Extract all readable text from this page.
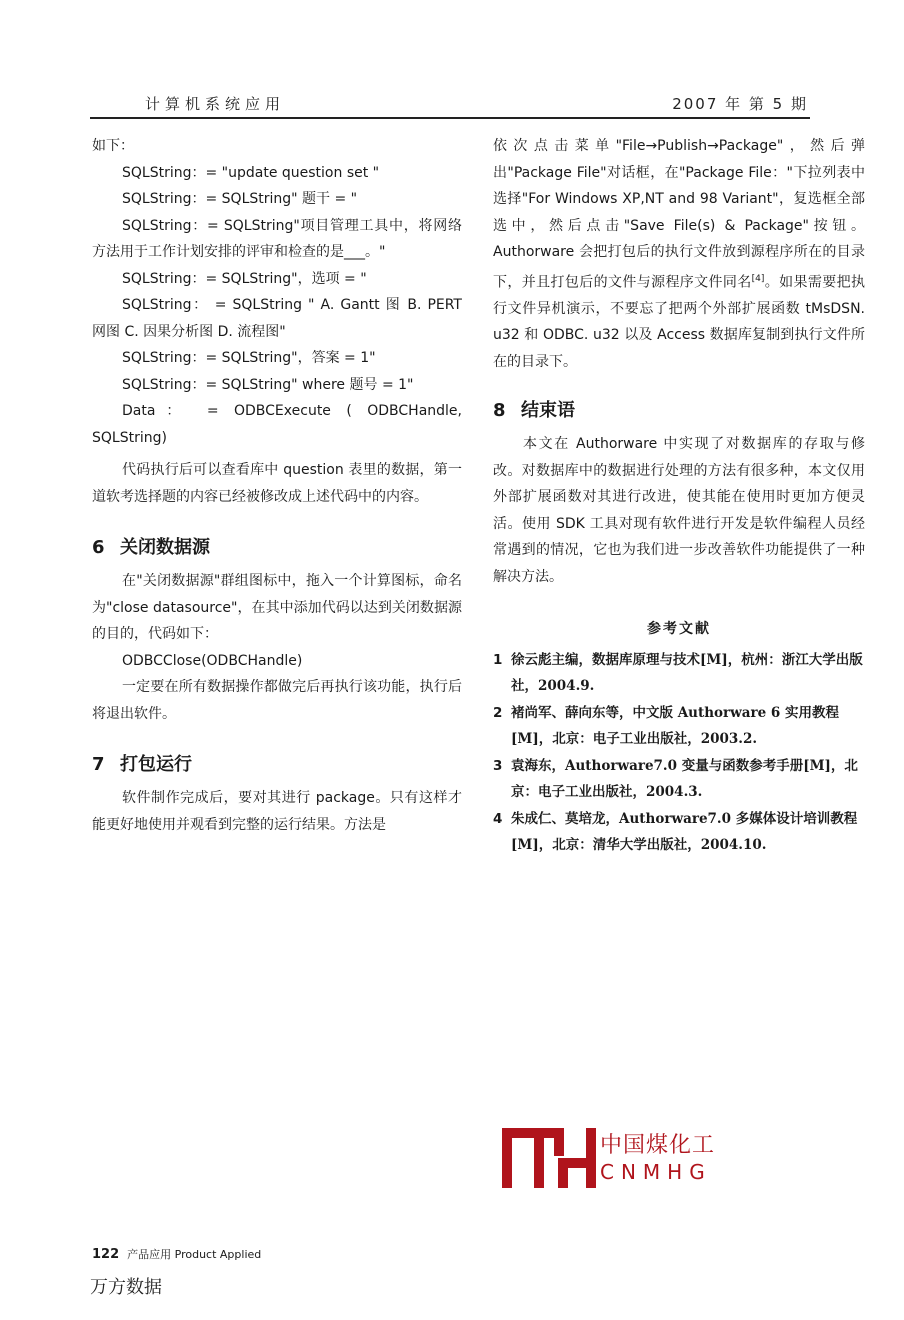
计算机系统应用	2007 年 第 5 期

如下：

SQLString：= "update question set "

SQLString：= SQLString" 题干 = "

SQLString：= SQLString"项目管理工具中，将网络方法用于工作计划安排的评审和检查的是___。"

SQLString：= SQLString"，选项 = "

SQLString： = SQLString " A. Gantt 图 B. PERT 网图 C. 因果分析图 D. 流程图"

SQLString：= SQLString"，答案 = 1"

SQLString：= SQLString" where 题号 = 1"

Data： = ODBCExecute ( ODBCHandle, SQLString)

代码执行后可以查看库中 question 表里的数据，第一道软考选择题的内容已经被修改成上述代码中的内容。

6 关闭数据源

在"关闭数据源"群组图标中，拖入一个计算图标，命名为"close datasource"，在其中添加代码以达到关闭数据源的目的，代码如下：

ODBCClose(ODBCHandle)

一定要在所有数据操作都做完后再执行该功能，执行后将退出软件。

7 打包运行

软件制作完成后，要对其进行 package。只有这样才能更好地使用并观看到完整的运行结果。方法是

依次点击菜单"File→Publish→Package"，然后弹出"Package File"对话框，在"Package File："下拉列表中选择"For Windows XP,NT and 98 Variant"，复选框全部选中，然后点击"Save File(s) & Package"按钮。Authorware 会把打包后的执行文件放到源程序所在的目录下，并且打包后的文件与源程序文件同名[4]。如果需要把执行文件异机演示，不要忘了把两个外部扩展函数 tMsDSN. u32 和 ODBC. u32 以及 Access 数据库复制到执行文件所在的目录下。

8 结束语

本文在 Authorware 中实现了对数据库的存取与修改。对数据库中的数据进行处理的方法有很多种，本文仅用外部扩展函数对其进行改进，使其能在使用时更加方便灵活。使用 SDK 工具对现有软件进行开发是软件编程人员经常遇到的情况，它也为我们进一步改善软件功能提供了一种解决方法。

参考文献
1 徐云彪主编，数据库原理与技术[M]，杭州：浙江大学出版社，2004.9.
2 褚尚军、薛向东等，中文版 Authorware 6 实用教程[M]，北京：电子工业出版社，2003.2.
3 袁海东，Authorware7.0 变量与函数参考手册[M]，北京：电子工业出版社，2004.3.
4 朱成仁、莫培龙，Authorware7.0 多媒体设计培训教程[M]，北京：清华大学出版社，2004.10.
中国煤化工
CNMHG
122 产品应用 Product Applied
万方数据
